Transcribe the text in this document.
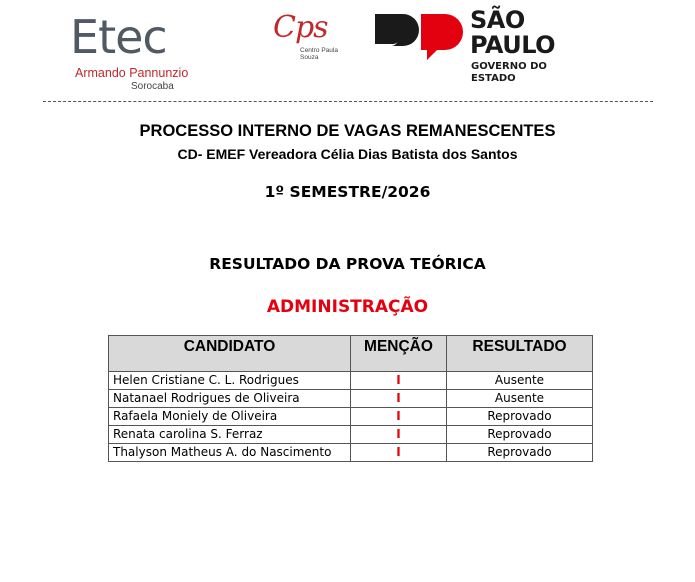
Etec
Armando Pannunzio
Sorocaba
Cps
Centro Paula Souza
SÃO PAULO
GOVERNO DO ESTADO
PROCESSO INTERNO DE VAGAS REMANESCENTES
CD- EMEF Vereadora Célia Dias Batista dos Santos
1º SEMESTRE/2026
RESULTADO DA PROVA TEÓRICA
ADMINISTRAÇÃO
CANDIDATO	MENÇÃO	RESULTADO
Helen Cristiane C. L. Rodrigues	I	Ausente
Natanael Rodrigues de Oliveira	I	Ausente
Rafaela Moniely de Oliveira	I	Reprovado
Renata carolina S. Ferraz	I	Reprovado
Thalyson Matheus A. do Nascimento	I	Reprovado
